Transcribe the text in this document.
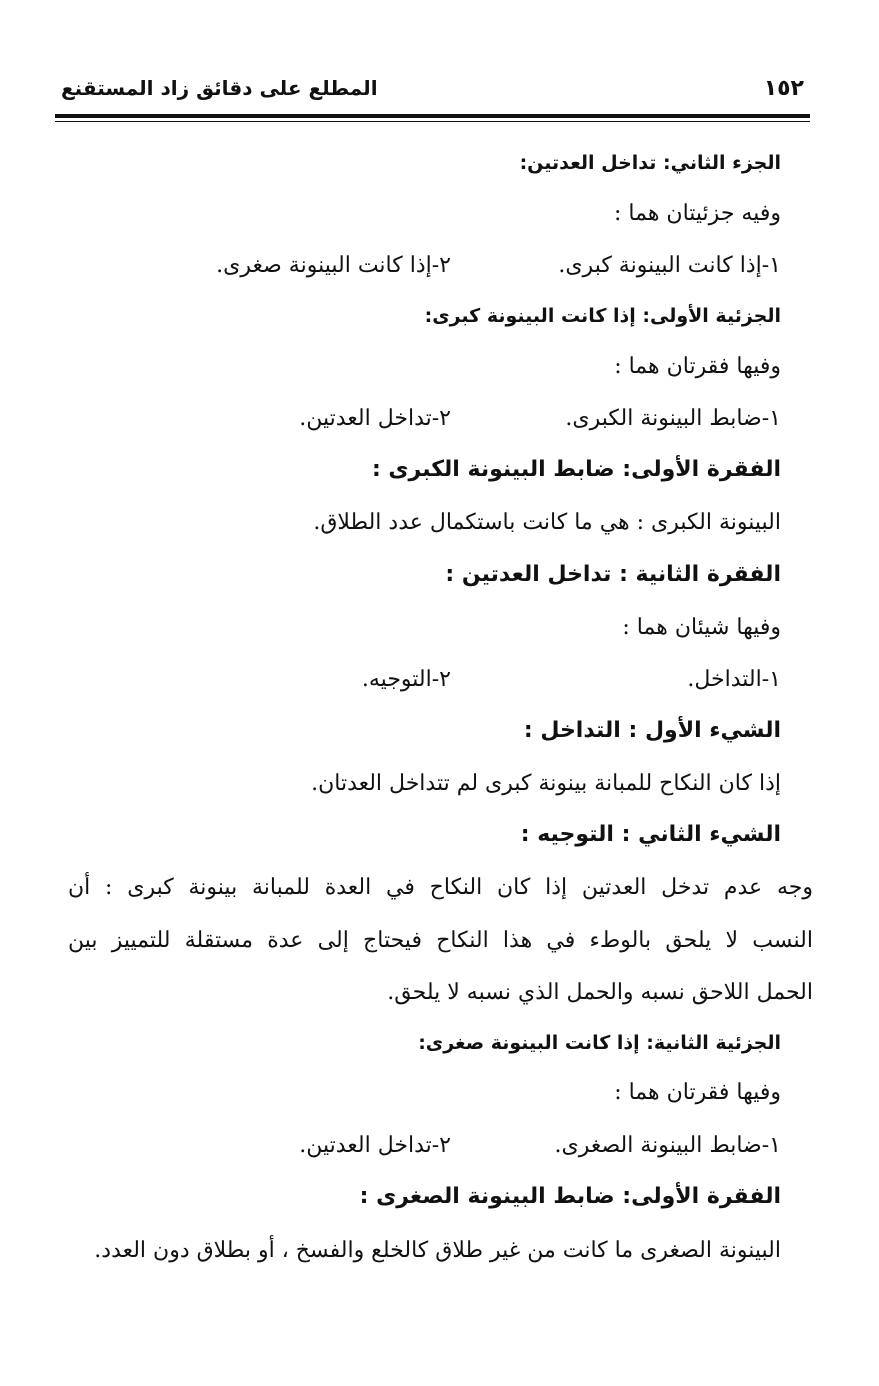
١٥٢
المطلع على دقائق زاد المستقنع
الجزء الثاني: تداخل العدتين:
وفيه جزئيتان هما :
١-إذا كانت البينونة كبرى.
٢-إذا كانت البينونة صغرى.
الجزئية الأولى: إذا كانت البينونة كبرى:
وفيها فقرتان هما :
١-ضابط البينونة الكبرى.
٢-تداخل العدتين.
الفقرة الأولى: ضابط البينونة الكبرى :
البينونة الكبرى : هي ما كانت باستكمال عدد الطلاق.
الفقرة الثانية : تداخل العدتين :
وفيها شيئان هما :
١-التداخل.
٢-التوجيه.
الشيء الأول : التداخل :
إذا كان النكاح للمبانة بينونة كبرى لم تتداخل العدتان.
الشيء الثاني : التوجيه :
وجه عدم تدخل العدتين إذا كان النكاح في العدة للمبانة بينونة كبرى : أن
النسب لا يلحق بالوطء في هذا النكاح فيحتاج إلى عدة مستقلة للتمييز بين
الحمل اللاحق نسبه والحمل الذي نسبه لا يلحق.
الجزئية الثانية: إذا كانت البينونة صغرى:
وفيها فقرتان هما :
١-ضابط البينونة الصغرى.
٢-تداخل العدتين.
الفقرة الأولى: ضابط البينونة الصغرى :
البينونة الصغرى ما كانت من غير طلاق كالخلع والفسخ ، أو بطلاق دون العدد.
